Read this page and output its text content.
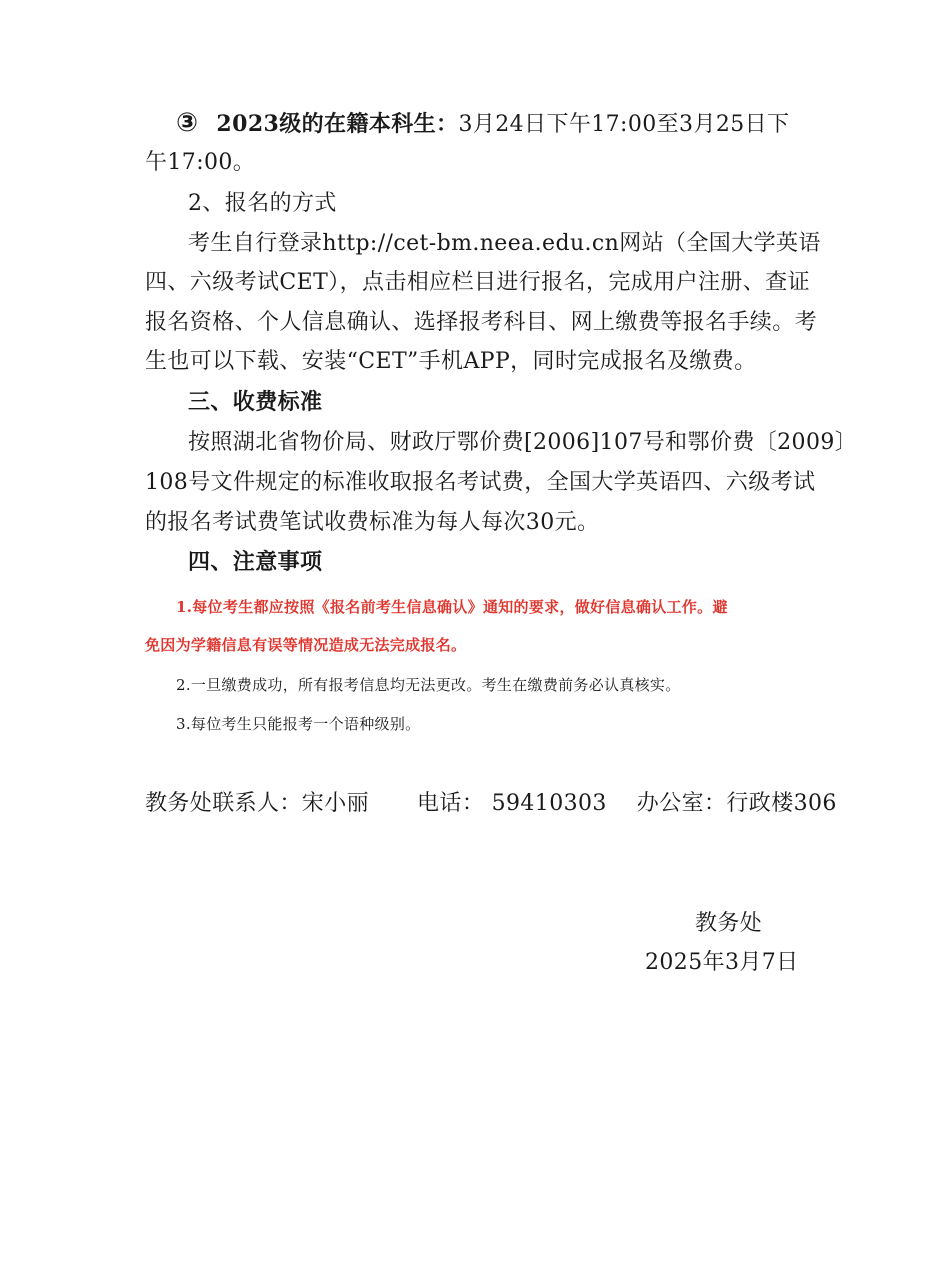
③ 2023级的在籍本科生：3月24日下午17:00至3月25日下
午17:00。
2、报名的方式
考生自行登录http://cet-bm.neea.edu.cn网站（全国大学英语
四、六级考试CET），点击相应栏目进行报名，完成用户注册、查证
报名资格、个人信息确认、选择报考科目、网上缴费等报名手续。考
生也可以下载、安装“CET”手机APP，同时完成报名及缴费。
三、收费标准
按照湖北省物价局、财政厅鄂价费[2006]107号和鄂价费〔2009〕
108号文件规定的标准收取报名考试费，全国大学英语四、六级考试
的报名考试费笔试收费标准为每人每次30元。
四、注意事项
1.每位考生都应按照《报名前考生信息确认》通知的要求，做好信息确认工作。避
免因为学籍信息有误等情况造成无法完成报名。
2.一旦缴费成功，所有报考信息均无法更改。考生在缴费前务必认真核实。
3.每位考生只能报考一个语种级别。
教务处联系人：宋小丽 电话： 59410303 办公室：行政楼306
教务处
2025年3月7日
